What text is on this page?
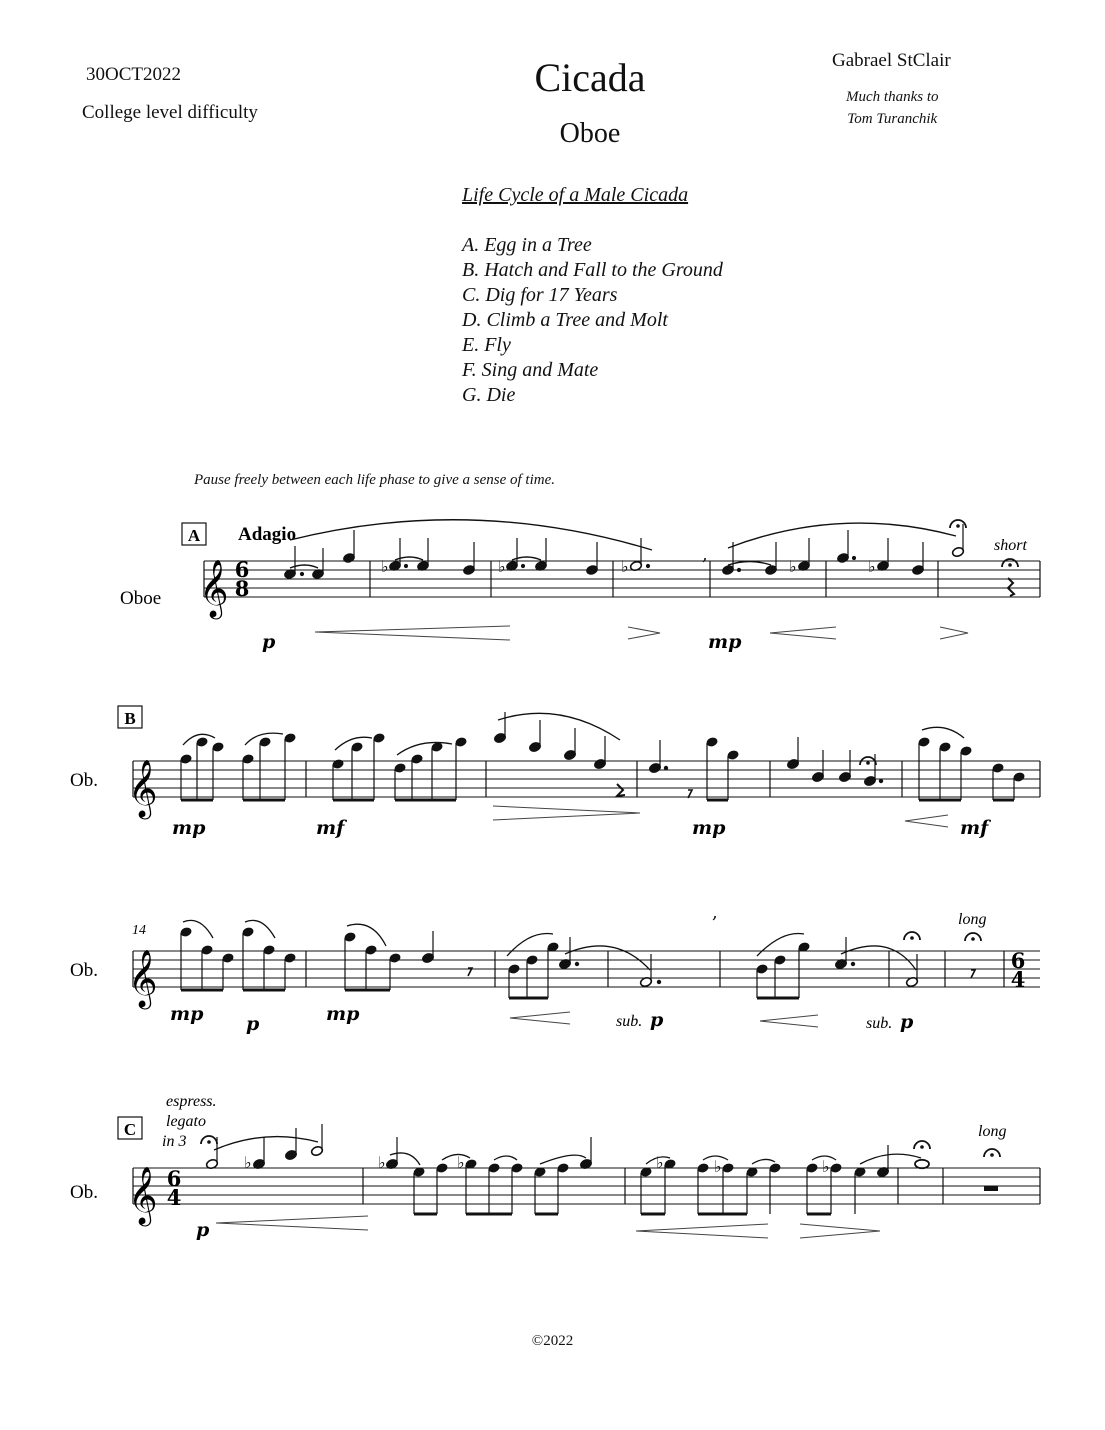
30OCT2022
College level difficulty
Cicada
Oboe
Gabrael StClair
Much thanks to
Tom Turanchik
Life Cycle of a Male Cicada
A. Egg in a Tree
B. Hatch and Fall to the Ground
C. Dig for 17 Years
D. Climb a Tree and Molt
E. Fly
F. Sing and Mate
G. Die
Pause freely between each life phase to give a sense of time.
A Adagio
Oboe 𝄞 6
8
♭	♭	♭
,
♭	♭
short
p	mp
B
Ob. 𝄞
mp	mf	mp	mf
14
Ob. 𝄞
,	long
6
4
mp p	mp	sub. p	sub. p
C
Ob. 𝄞 6
4
espress.
legato
in 3
♭	♭	♭	♭	♭	♭
long
p
©2022
